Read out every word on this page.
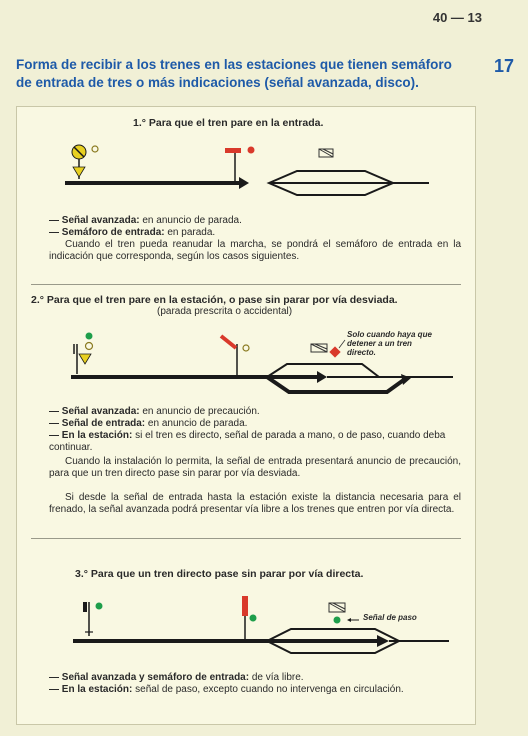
40 — 13
Forma de recibir a los trenes en las estaciones que tienen semáforo de entrada de tres o más indicaciones (señal avanzada, disco).
17
1.° Para que el tren pare en la entrada.
— Señal avanzada: en anuncio de parada.
— Semáforo de entrada: en parada.
Cuando el tren pueda reanudar la marcha, se pondrá el semáforo de entrada en la indicación que corresponda, según los casos siguientes.
2.° Para que el tren pare en la estación, o pase sin parar por vía desviada.
(parada prescrita o accidental)
Solo cuando haya que detener a un tren directo.
— Señal avanzada: en anuncio de precaución.
— Señal de entrada: en anuncio de parada.
— En la estación: si el tren es directo, señal de parada a mano, o de paso, cuando deba continuar.
Cuando la instalación lo permita, la señal de entrada presentará anuncio de precaución, para que un tren directo pase sin parar por vía desviada.
Si desde la señal de entrada hasta la estación existe la distancia necesaria para el frenado, la señal avanzada podrá presentar vía libre a los trenes que entren por vía directa.
3.° Para que un tren directo pase sin parar por vía directa.
Señal de paso
— Señal avanzada y semáforo de entrada: de vía libre.
— En la estación: señal de paso, excepto cuando no intervenga en circulación.
